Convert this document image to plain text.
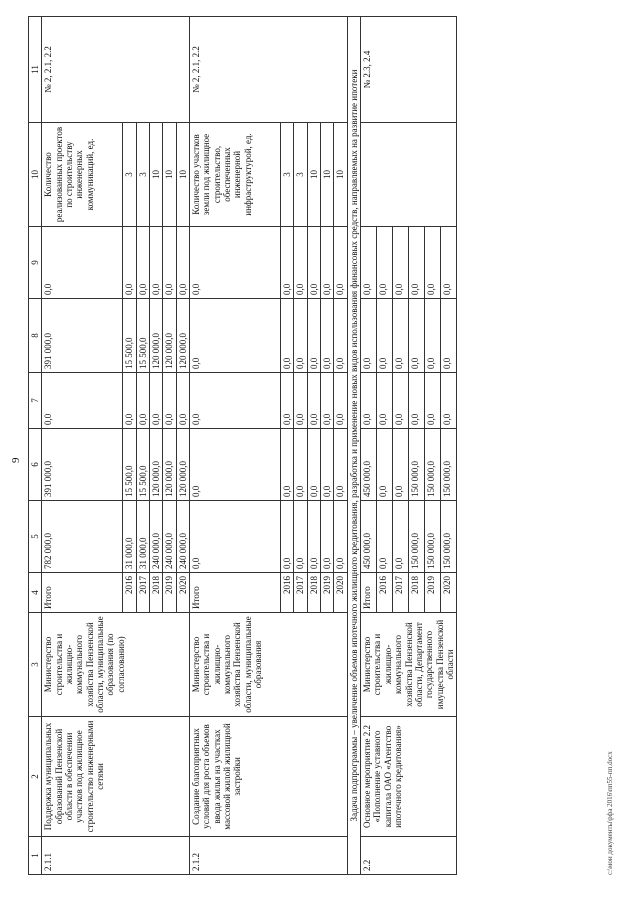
9
1	2	3	4	5	6	7	8	9	10	11
2.1.1	Поддержка муниципальных образований Пензенской области в обеспечении участков под жилищное строительство инженерными сетями	Министерство строительства и жилищно-коммунального хозяйства Пензенской области, муниципальные образования (по согласованию)	Итого	782 000,0	391 000,0	0,0	391 000,0	0,0	Количество реализованных проектов по строительству инженерных коммуникаций, ед.	№ 2, 2.1, 2.2
			2016	31 000,0	15 500,0	0,0	15 500,0	0,0	3	
			2017	31 000,0	15 500,0	0,0	15 500,0	0,0	3	
			2018	240 000,0	120 000,0	0,0	120 000,0	0,0	10	
			2019	240 000,0	120 000,0	0,0	120 000,0	0,0	10	
			2020	240 000,0	120 000,0	0,0	120 000,0	0,0	10	
2.1.2	Создание благоприятных условий для роста объемов ввода жилья на участках массовой жилой жилищной застройки	Министерство строительства и жилищно-коммунального хозяйства Пензенской области, муниципальные образования	Итого	0,0	0,0	0,0	0,0	0,0	Количество участков земли под жилищное строительство, обеспеченных инженерной инфраструктурой, ед.	№ 2, 2.1, 2.2
			2016	0,0	0,0	0,0	0,0	0,0	3	
			2017	0,0	0,0	0,0	0,0	0,0	3	
			2018	0,0	0,0	0,0	0,0	0,0	10	
			2019	0,0	0,0	0,0	0,0	0,0	10	
			2020	0,0	0,0	0,0	0,0	0,0	10	
Задача подпрограммы – увеличение объемов ипотечного жилищного кредитования, разработка и применение новых видов использования финансовых средств, направляемых на развитие ипотеки										
2.2	Основное мероприятие 2.2 «Пополнение уставного капитала ОАО «Агентство ипотечного кредитования»	Министерство строительства и жилищно-коммунального хозяйства Пензенской области, Департамент государственного имущества Пензенской области	Итого	450 000,0	450 000,0	0,0	0,0	0,0		№ 2.3, 2.4
			2016	0,0	0,0	0,0	0,0	0,0		
			2017	0,0	0,0	0,0	0,0	0,0		
			2018	150 000,0	150 000,0	0,0	0,0	0,0		
			2019	150 000,0	150 000,0	0,0	0,0	0,0		
			2020	150 000,0	150 000,0	0,0	0,0	0,0		
c:\мои документы\рфа 2016\пп55-пп.docx
